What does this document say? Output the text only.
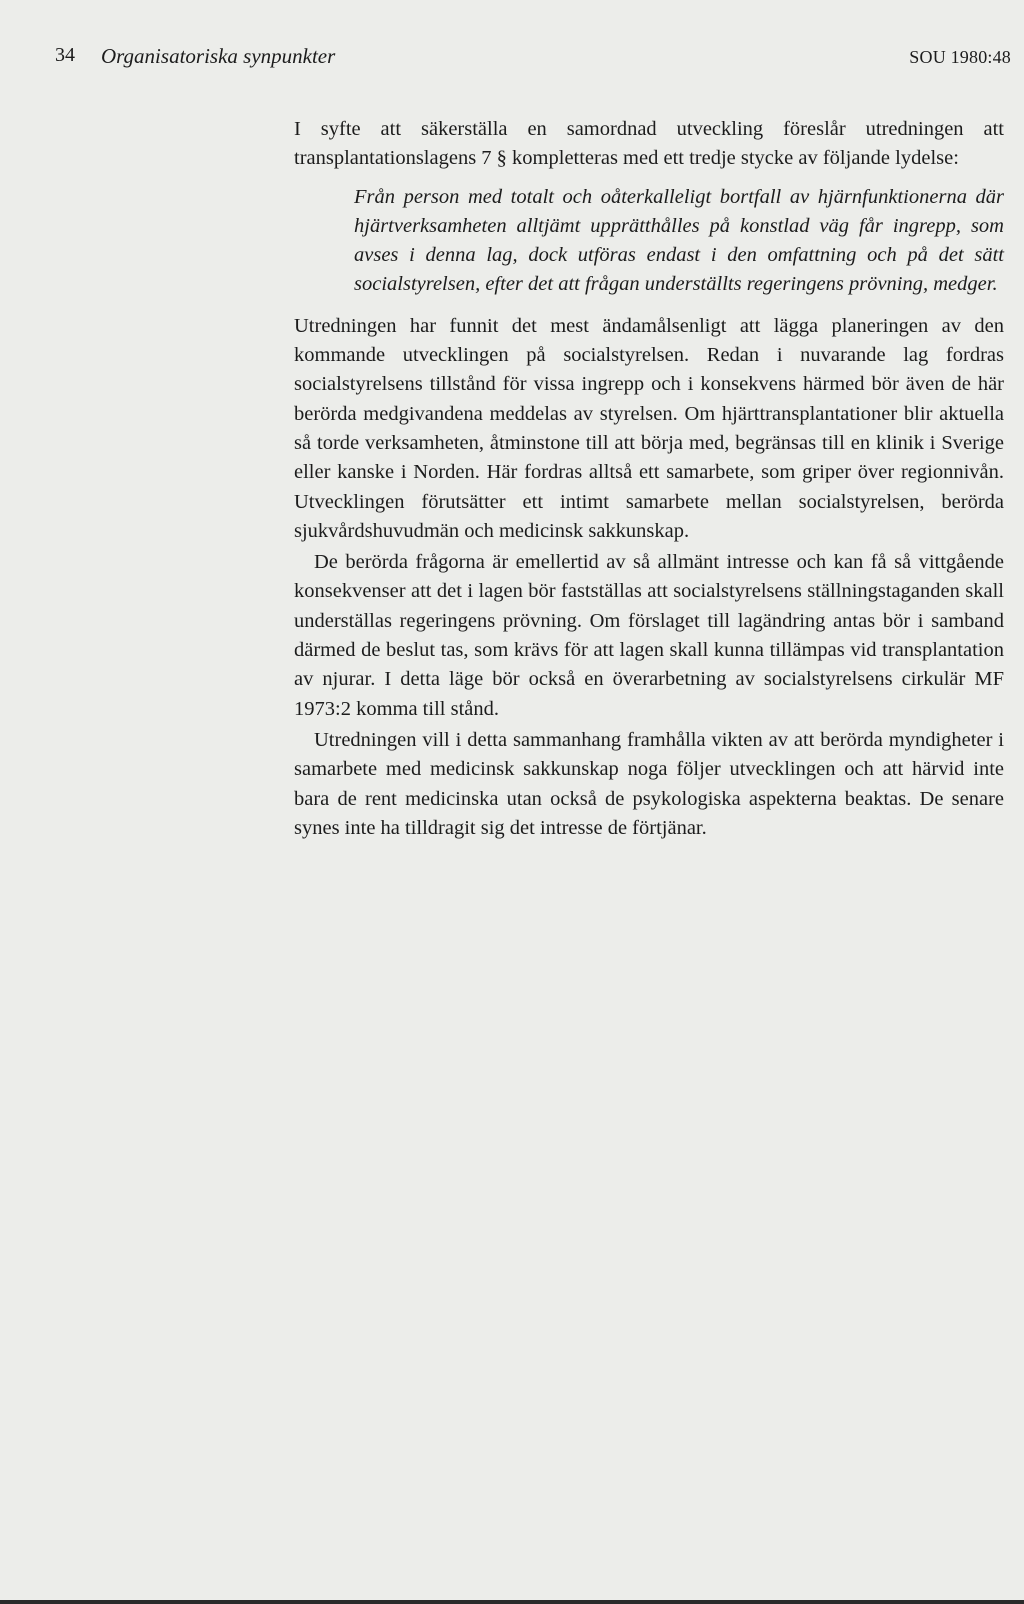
34 Organisatoriska synpunkter	SOU 1980:48

I syfte att säkerställa en samordnad utveckling föreslår utredningen att transplantationslagens 7 § kompletteras med ett tredje stycke av följande lydelse:

Från person med totalt och oåterkalleligt bortfall av hjärnfunktionerna där hjärtverksamheten alltjämt upprätthålles på konstlad väg får ingrepp, som avses i denna lag, dock utföras endast i den omfattning och på det sätt socialstyrelsen, efter det att frågan underställts regeringens prövning, medger.

Utredningen har funnit det mest ändamålsenligt att lägga planeringen av den kommande utvecklingen på socialstyrelsen. Redan i nuvarande lag fordras socialstyrelsens tillstånd för vissa ingrepp och i konsekvens härmed bör även de här berörda medgivandena meddelas av styrelsen. Om hjärttransplantationer blir aktuella så torde verksamheten, åtminstone till att börja med, begränsas till en klinik i Sverige eller kanske i Norden. Här fordras alltså ett samarbete, som griper över regionnivån. Utvecklingen förutsätter ett intimt samarbete mellan socialstyrelsen, berörda sjukvårdshuvudmän och medicinsk sakkunskap.

De berörda frågorna är emellertid av så allmänt intresse och kan få så vittgående konsekvenser att det i lagen bör fastställas att socialstyrelsens ställningstaganden skall underställas regeringens prövning. Om förslaget till lagändring antas bör i samband därmed de beslut tas, som krävs för att lagen skall kunna tillämpas vid transplantation av njurar. I detta läge bör också en överarbetning av socialstyrelsens cirkulär MF 1973:2 komma till stånd.

Utredningen vill i detta sammanhang framhålla vikten av att berörda myndigheter i samarbete med medicinsk sakkunskap noga följer utvecklingen och att härvid inte bara de rent medicinska utan också de psykologiska aspekterna beaktas. De senare synes inte ha tilldragit sig det intresse de förtjänar.
